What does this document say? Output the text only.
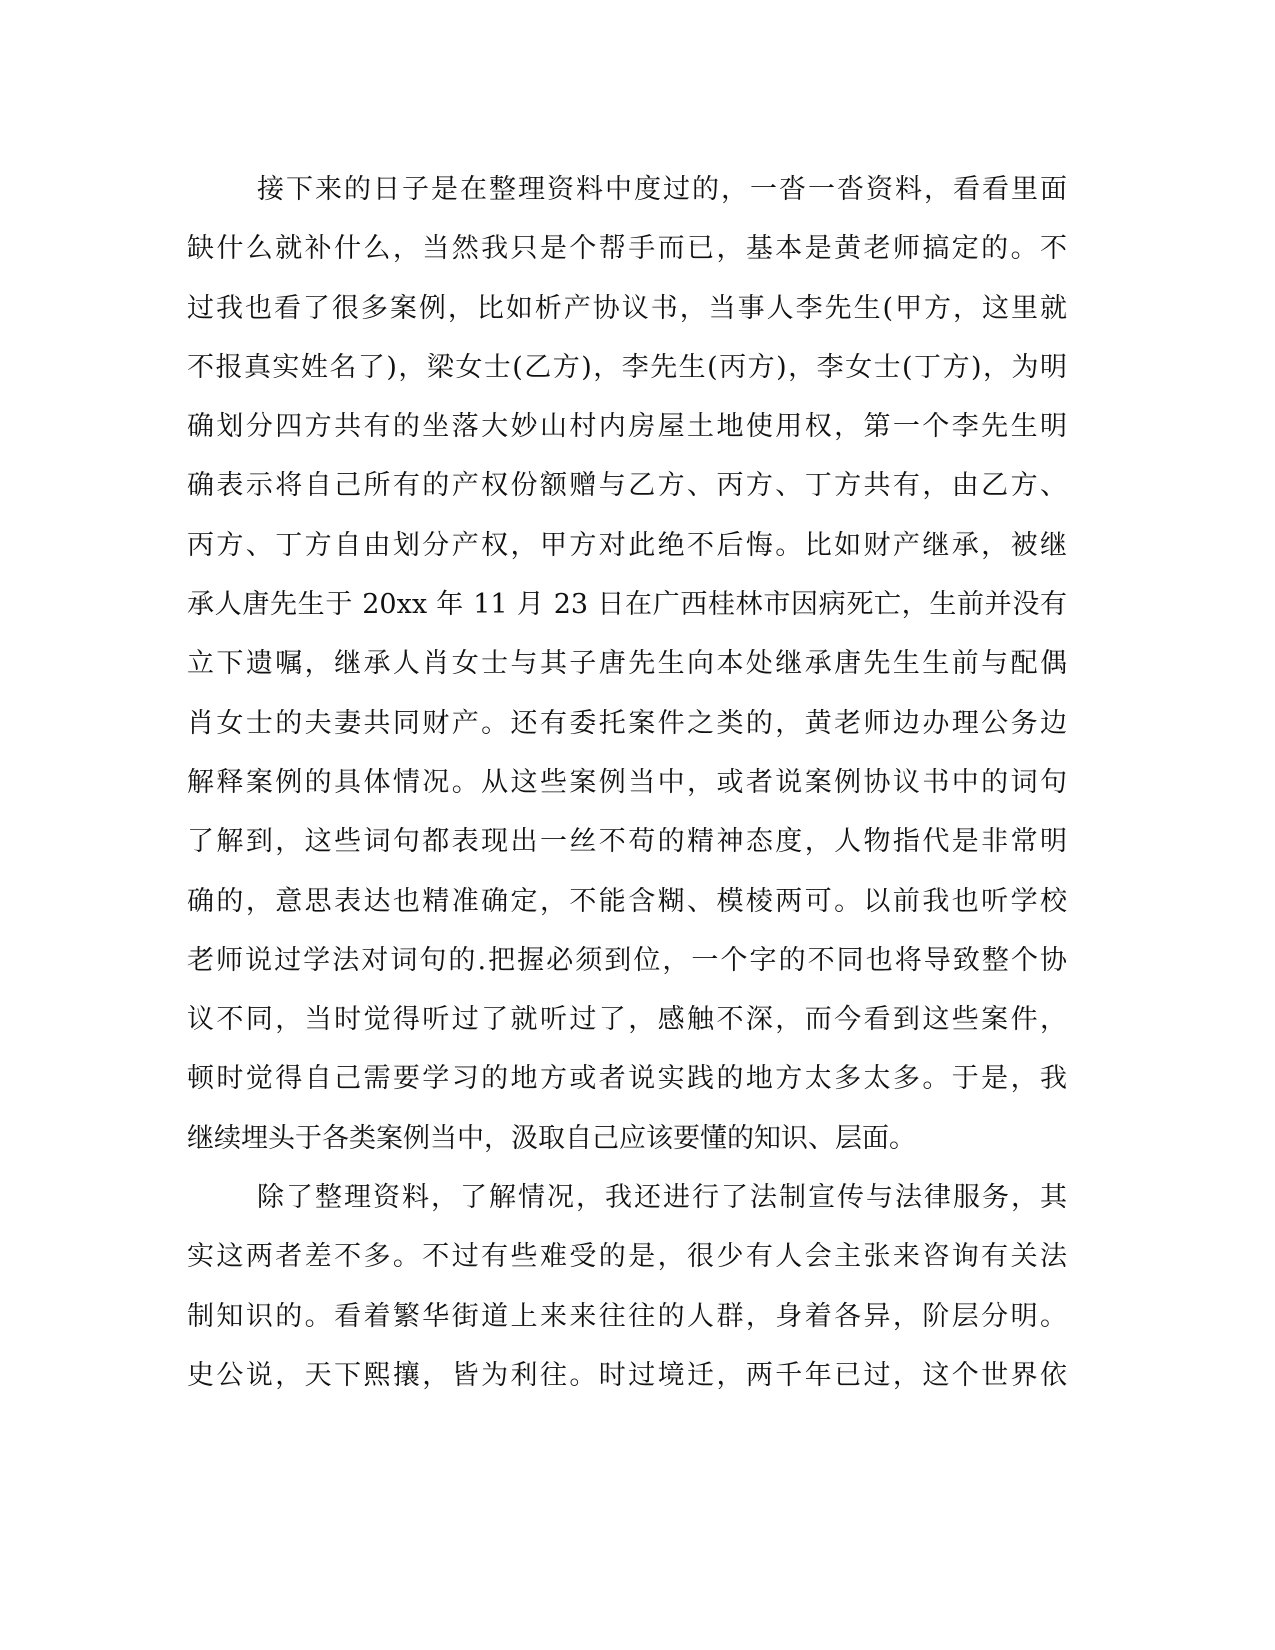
接下来的日子是在整理资料中度过的，一沓一沓资料，看看里面
缺什么就补什么，当然我只是个帮手而已，基本是黄老师搞定的。不
过我也看了很多案例，比如析产协议书，当事人李先生(甲方，这里就
不报真实姓名了)，梁女士(乙方)，李先生(丙方)，李女士(丁方)，为明
确划分四方共有的坐落大妙山村内房屋土地使用权，第一个李先生明
确表示将自己所有的产权份额赠与乙方、丙方、丁方共有，由乙方、
丙方、丁方自由划分产权，甲方对此绝不后悔。比如财产继承，被继
承人唐先生于 20xx 年 11 月 23 日在广西桂林市因病死亡，生前并没有
立下遗嘱，继承人肖女士与其子唐先生向本处继承唐先生生前与配偶
肖女士的夫妻共同财产。还有委托案件之类的，黄老师边办理公务边
解释案例的具体情况。从这些案例当中，或者说案例协议书中的词句
了解到，这些词句都表现出一丝不苟的精神态度，人物指代是非常明
确的，意思表达也精准确定，不能含糊、模棱两可。以前我也听学校
老师说过学法对词句的.把握必须到位，一个字的不同也将导致整个协
议不同，当时觉得听过了就听过了，感触不深，而今看到这些案件，
顿时觉得自己需要学习的地方或者说实践的地方太多太多。于是，我
继续埋头于各类案例当中，汲取自己应该要懂的知识、层面。
除了整理资料，了解情况，我还进行了法制宣传与法律服务，其
实这两者差不多。不过有些难受的是，很少有人会主张来咨询有关法
制知识的。看着繁华街道上来来往往的人群，身着各异，阶层分明。
史公说，天下熙攘，皆为利往。时过境迁，两千年已过，这个世界依
